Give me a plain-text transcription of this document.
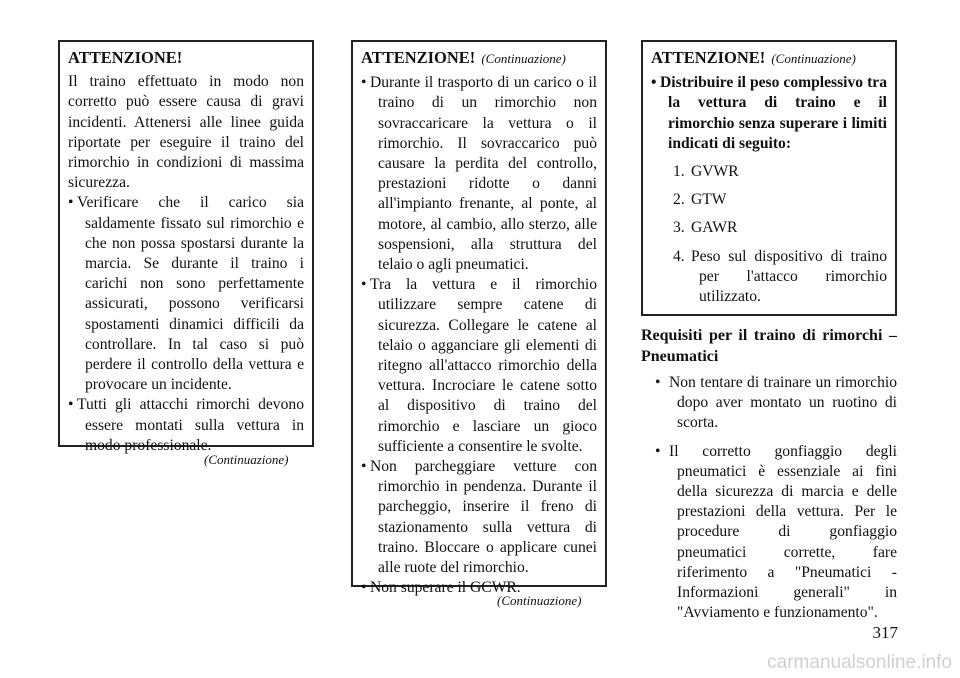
ATTENZIONE!

Il traino effettuato in modo non corretto può essere causa di gravi incidenti. Attenersi alle linee guida riportate per eseguire il traino del rimorchio in condizioni di massima sicurezza.

• Verificare che il carico sia saldamente fissato sul rimorchio e che non possa spostarsi durante la marcia. Se durante il traino i carichi non sono perfettamente assicurati, possono verificarsi spostamenti dinamici difficili da controllare. In tal caso si può perdere il controllo della vettura e provocare un incidente.
• Tutti gli attacchi rimorchi devono essere montati sulla vettura in modo professionale.
(Continuazione)
ATTENZIONE! (Continuazione)
• Durante il trasporto di un carico o il traino di un rimorchio non sovraccaricare la vettura o il rimorchio. Il sovraccarico può causare la perdita del controllo, prestazioni ridotte o danni all'impianto frenante, al ponte, al motore, al cambio, allo sterzo, alle sospensioni, alla struttura del telaio o agli pneumatici.
• Tra la vettura e il rimorchio utilizzare sempre catene di sicurezza. Collegare le catene al telaio o agganciare gli elementi di ritegno all'attacco rimorchio della vettura. Incrociare le catene sotto al dispositivo di traino del rimorchio e lasciare un gioco sufficiente a consentire le svolte.
• Non parcheggiare vetture con rimorchio in pendenza. Durante il parcheggio, inserire il freno di stazionamento sulla vettura di traino. Bloccare o applicare cunei alle ruote del rimorchio.
• Non superare il GCWR.
(Continuazione)
ATTENZIONE! (Continuazione)
• Distribuire il peso complessivo tra la vettura di traino e il rimorchio senza superare i limiti indicati di seguito:
1. GVWR
2. GTW
3. GAWR
4. Peso sul dispositivo di traino per l'attacco rimorchio utilizzato.
Requisiti per il traino di rimorchi – Pneumatici
• Non tentare di trainare un rimorchio dopo aver montato un ruotino di scorta.
• Il corretto gonfiaggio degli pneumatici è essenziale ai fini della sicurezza di marcia e delle prestazioni della vettura. Per le procedure di gonfiaggio pneumatici corrette, fare riferimento a "Pneumatici - Informazioni generali" in "Avviamento e funzionamento".
317
carmanualsonline.info
